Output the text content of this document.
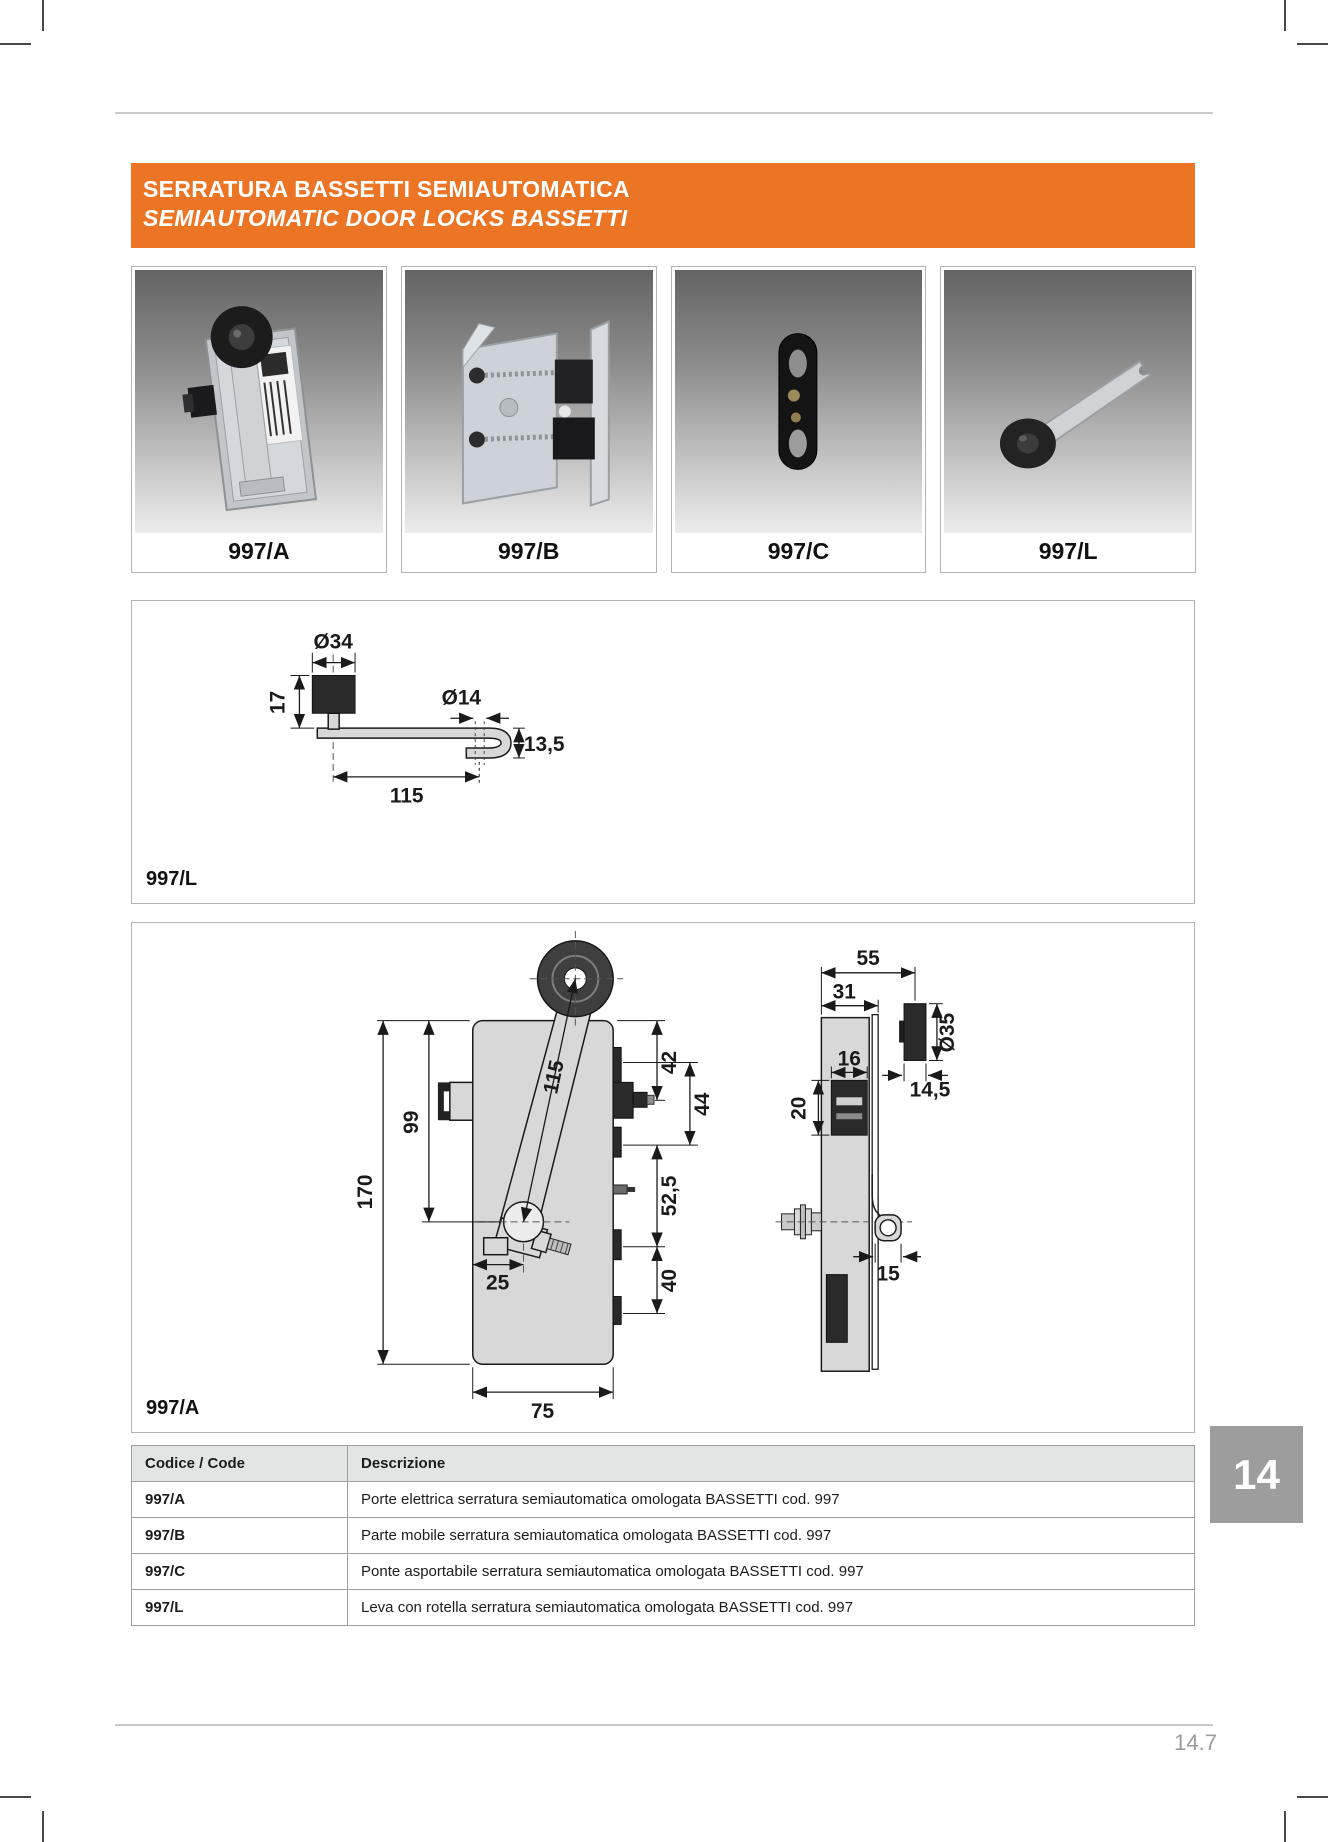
SERRATURA BASSETTI SEMIAUTOMATICA
SEMIAUTOMATIC DOOR LOCKS BASSETTI
997/A	997/B	997/C	997/L
Ø34
17	Ø14
13,5
115
997/L
115
170
99
25
75
42
44
52,5
40
55
31
16
20
Ø35
14,5
15
997/A
Codice / Code	Descrizione
997/A	Porte elettrica serratura semiautomatica omologata BASSETTI cod. 997
997/B	Parte mobile serratura semiautomatica omologata BASSETTI cod. 997
997/C	Ponte asportabile serratura semiautomatica omologata BASSETTI cod. 997
997/L	Leva con rotella serratura semiautomatica omologata BASSETTI cod. 997
14
14.7
